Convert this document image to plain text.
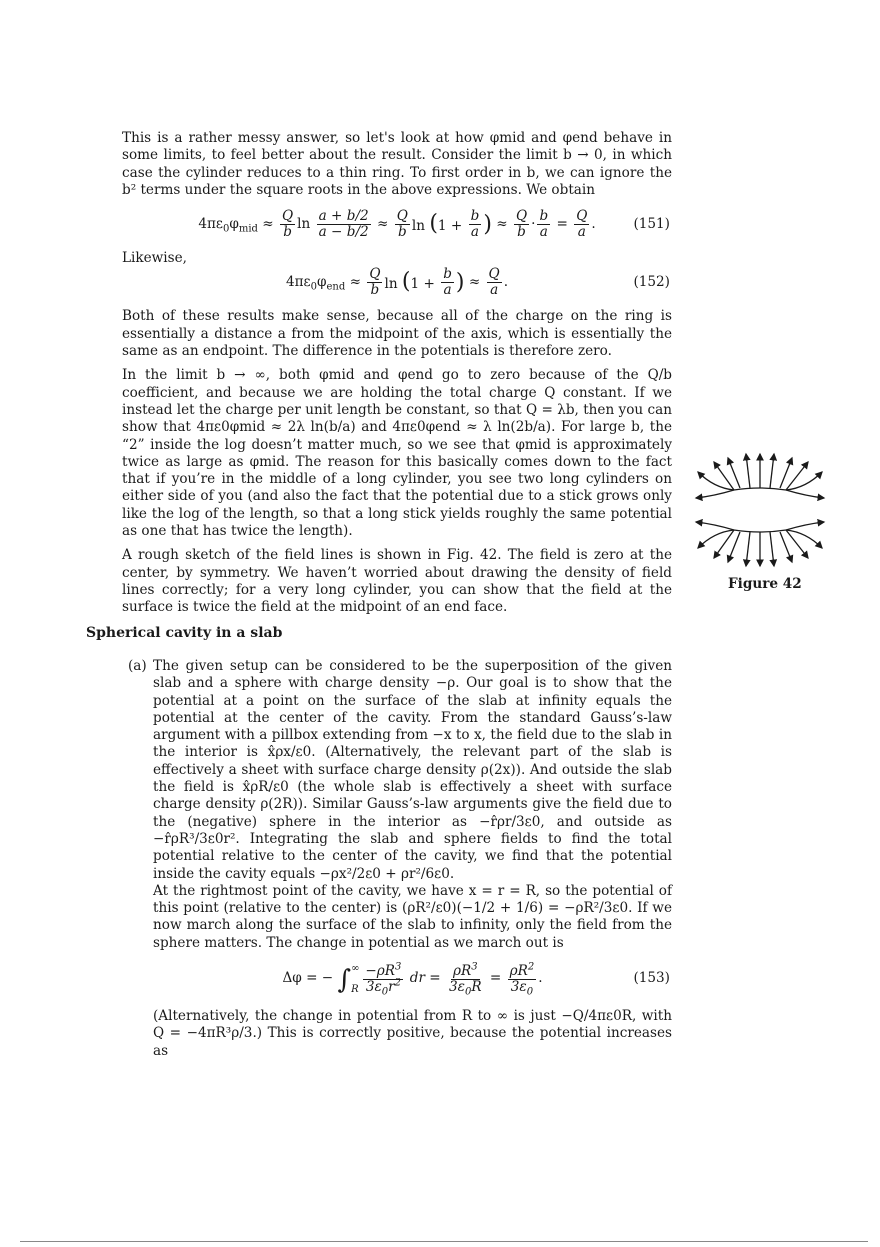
This is a rather messy answer, so let's look at how φmid and φend behave in some limits, to feel better about the result. Consider the limit b → 0, in which case the cylinder reduces to a thin ring. To first order in b, we can ignore the b² terms under the square roots in the above expressions. We obtain

$4\pi\varepsilon_0\varphi_{mid} \approx \frac{Q}{b}$ $\ln \frac{a + b/2}{a - b/2} \approx \frac{Q}{b}$ $\ln (1 + \frac{b}{a}$ ) ≈ $\frac{Q}{b} \cdot \frac{b}{a} = \frac{Q}{a}$ .	(151)

Likewise,

$4\pi\varepsilon_0\varphi_{end} \approx \frac{Q}{b}$ $\ln (1 + \frac{b}{a}$ ) ≈ $\frac{Q}{a}$ .	(152)

Both of these results make sense, because all of the charge on the ring is essentially a distance a from the midpoint of the axis, which is essentially the same as an endpoint. The difference in the potentials is therefore zero.

In the limit b → ∞, both φmid and φend go to zero because of the Q/b coefficient, and because we are holding the total charge Q constant. If we instead let the charge per unit length be constant, so that Q = λb, then you can show that 4πε0φmid ≈ 2λ ln(b/a) and 4πε0φend ≈ λ ln(2b/a). For large b, the “2” inside the log doesn’t matter much, so we see that φmid is approximately twice as large as φmid. The reason for this basically comes down to the fact that if you’re in the middle of a long cylinder, you see two long cylinders on either side of you (and also the fact that the potential due to a stick grows only like the log of the length, so that a long stick yields roughly the same potential as one that has twice the length).

A rough sketch of the field lines is shown in Fig. 42. The field is zero at the center, by symmetry. We haven’t worried about drawing the density of field lines correctly; for a very long cylinder, you can show that the field at the surface is twice the field at the midpoint of an end face.

Figure 42
Spherical cavity in a slab
(a) The given setup can be considered to be the superposition of the given slab and a sphere with charge density −ρ. Our goal is to show that the potential at a point on the surface of the slab at infinity equals the potential at the center of the cavity. From the standard Gauss’s-law argument with a pillbox extending from −x to x, the field due to the slab in the interior is x̂ρx/ε0. (Alternatively, the relevant part of the slab is effectively a sheet with surface charge density ρ(2x)). And outside the slab the field is x̂ρR/ε0 (the whole slab is effectively a sheet with surface charge density ρ(2R)). Similar Gauss’s-law arguments give the field due to the (negative) sphere in the interior as −r̂ρr/3ε0, and outside as −r̂ρR³/3ε0r². Integrating the slab and sphere fields to find the total potential relative to the center of the cavity, we find that the potential inside the cavity equals −ρx²/2ε0 + ρr²/6ε0.

At the rightmost point of the cavity, we have x = r = R, so the potential of this point (relative to the center) is (ρR²/ε0)(−1/2 + 1/6) = −ρR²/3ε0. If we now march along the surface of the slab to infinity, only the field from the sphere matters. The change in potential as we march out is

Δφ = − ∫ ∞
R $\frac{-\rho R^3}{3\varepsilon_0r^2}$ dr = $\frac{\rho R^3}{3\varepsilon_0R} = \frac{\rho R^2}{3\varepsilon_0}$ .	(153)

(Alternatively, the change in potential from R to ∞ is just −Q/4πε0R, with Q = −4πR³ρ/3.) This is correctly positive, because the potential increases as
